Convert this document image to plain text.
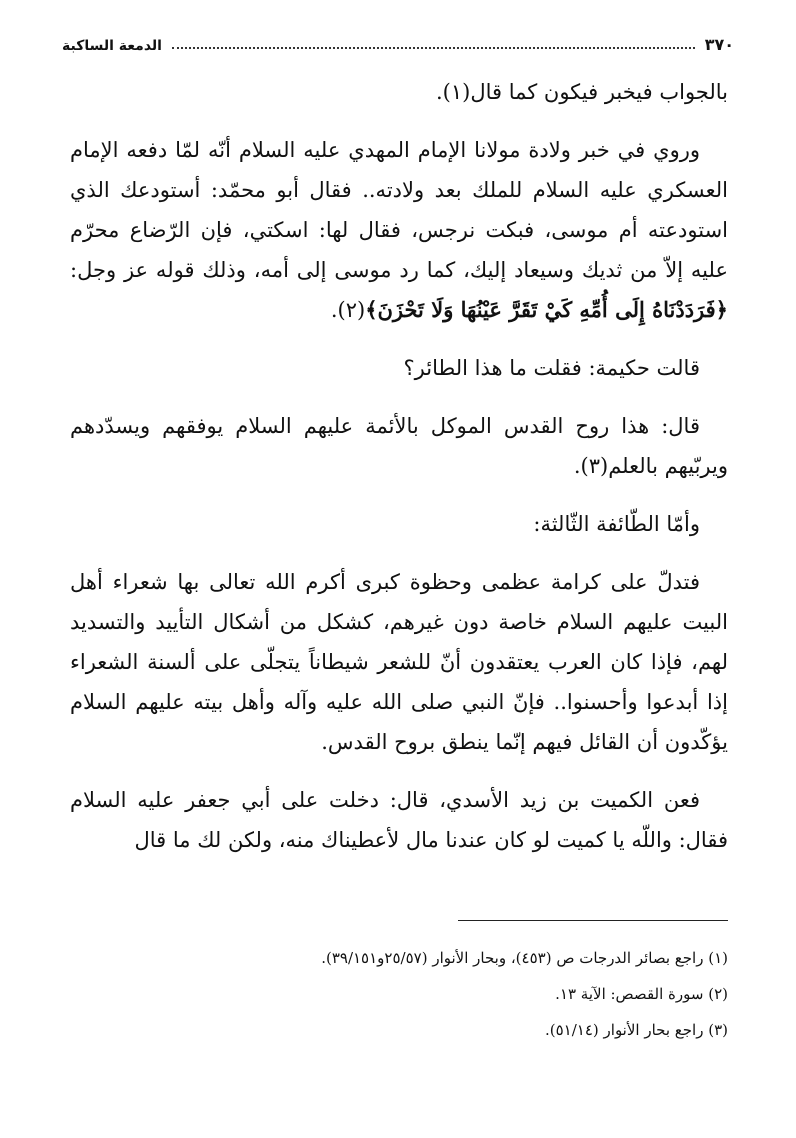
٣٧٠
الدمعة الساكبة

بالجواب فيخبر فيكون كما قال(١).

وروي في خبر ولادة مولانا الإمام المهدي عليه السلام أنّه لمّا دفعه الإمام العسكري عليه السلام للملك بعد ولادته.. فقال أبو محمّد: أستودعك الذي استودعته أم موسى، فبكت نرجس، فقال لها: اسكتي، فإن الرّضاع محرّم عليه إلاّ من ثديك وسيعاد إليك، كما رد موسى إلى أمه، وذلك قوله عز وجل: ﴿فَرَدَدْنَاهُ إِلَى أُمِّهِ كَيْ تَقَرَّ عَيْنُهَا وَلَا تَحْزَنَ﴾(٢).

قالت حكيمة: فقلت ما هذا الطائر؟

قال: هذا روح القدس الموكل بالأئمة عليهم السلام يوفقهم ويسدّدهم ويربّيهم بالعلم(٣).

وأمّا الطّائفة الثّالثة:

فتدلّ على كرامة عظمى وحظوة كبرى أكرم الله تعالى بها شعراء أهل البيت عليهم السلام خاصة دون غيرهم، كشكل من أشكال التأييد والتسديد لهم، فإذا كان العرب يعتقدون أنّ للشعر شيطاناً يتجلّى على ألسنة الشعراء إذا أبدعوا وأحسنوا.. فإنّ النبي صلى الله عليه وآله وأهل بيته عليهم السلام يؤكّدون أن القائل فيهم إنّما ينطق بروح القدس.

فعن الكميت بن زيد الأسدي، قال: دخلت على أبي جعفر عليه السلام فقال: واللّه يا كميت لو كان عندنا مال لأعطيناك منه، ولكن لك ما قال

(١) راجع بصائر الدرجات ص (٤٥٣)، وبحار الأنوار (٢٥/٥٧و٣٩/١٥١).
(٢) سورة القصص: الآية ١٣.
(٣) راجع بحار الأنوار (٥١/١٤).
